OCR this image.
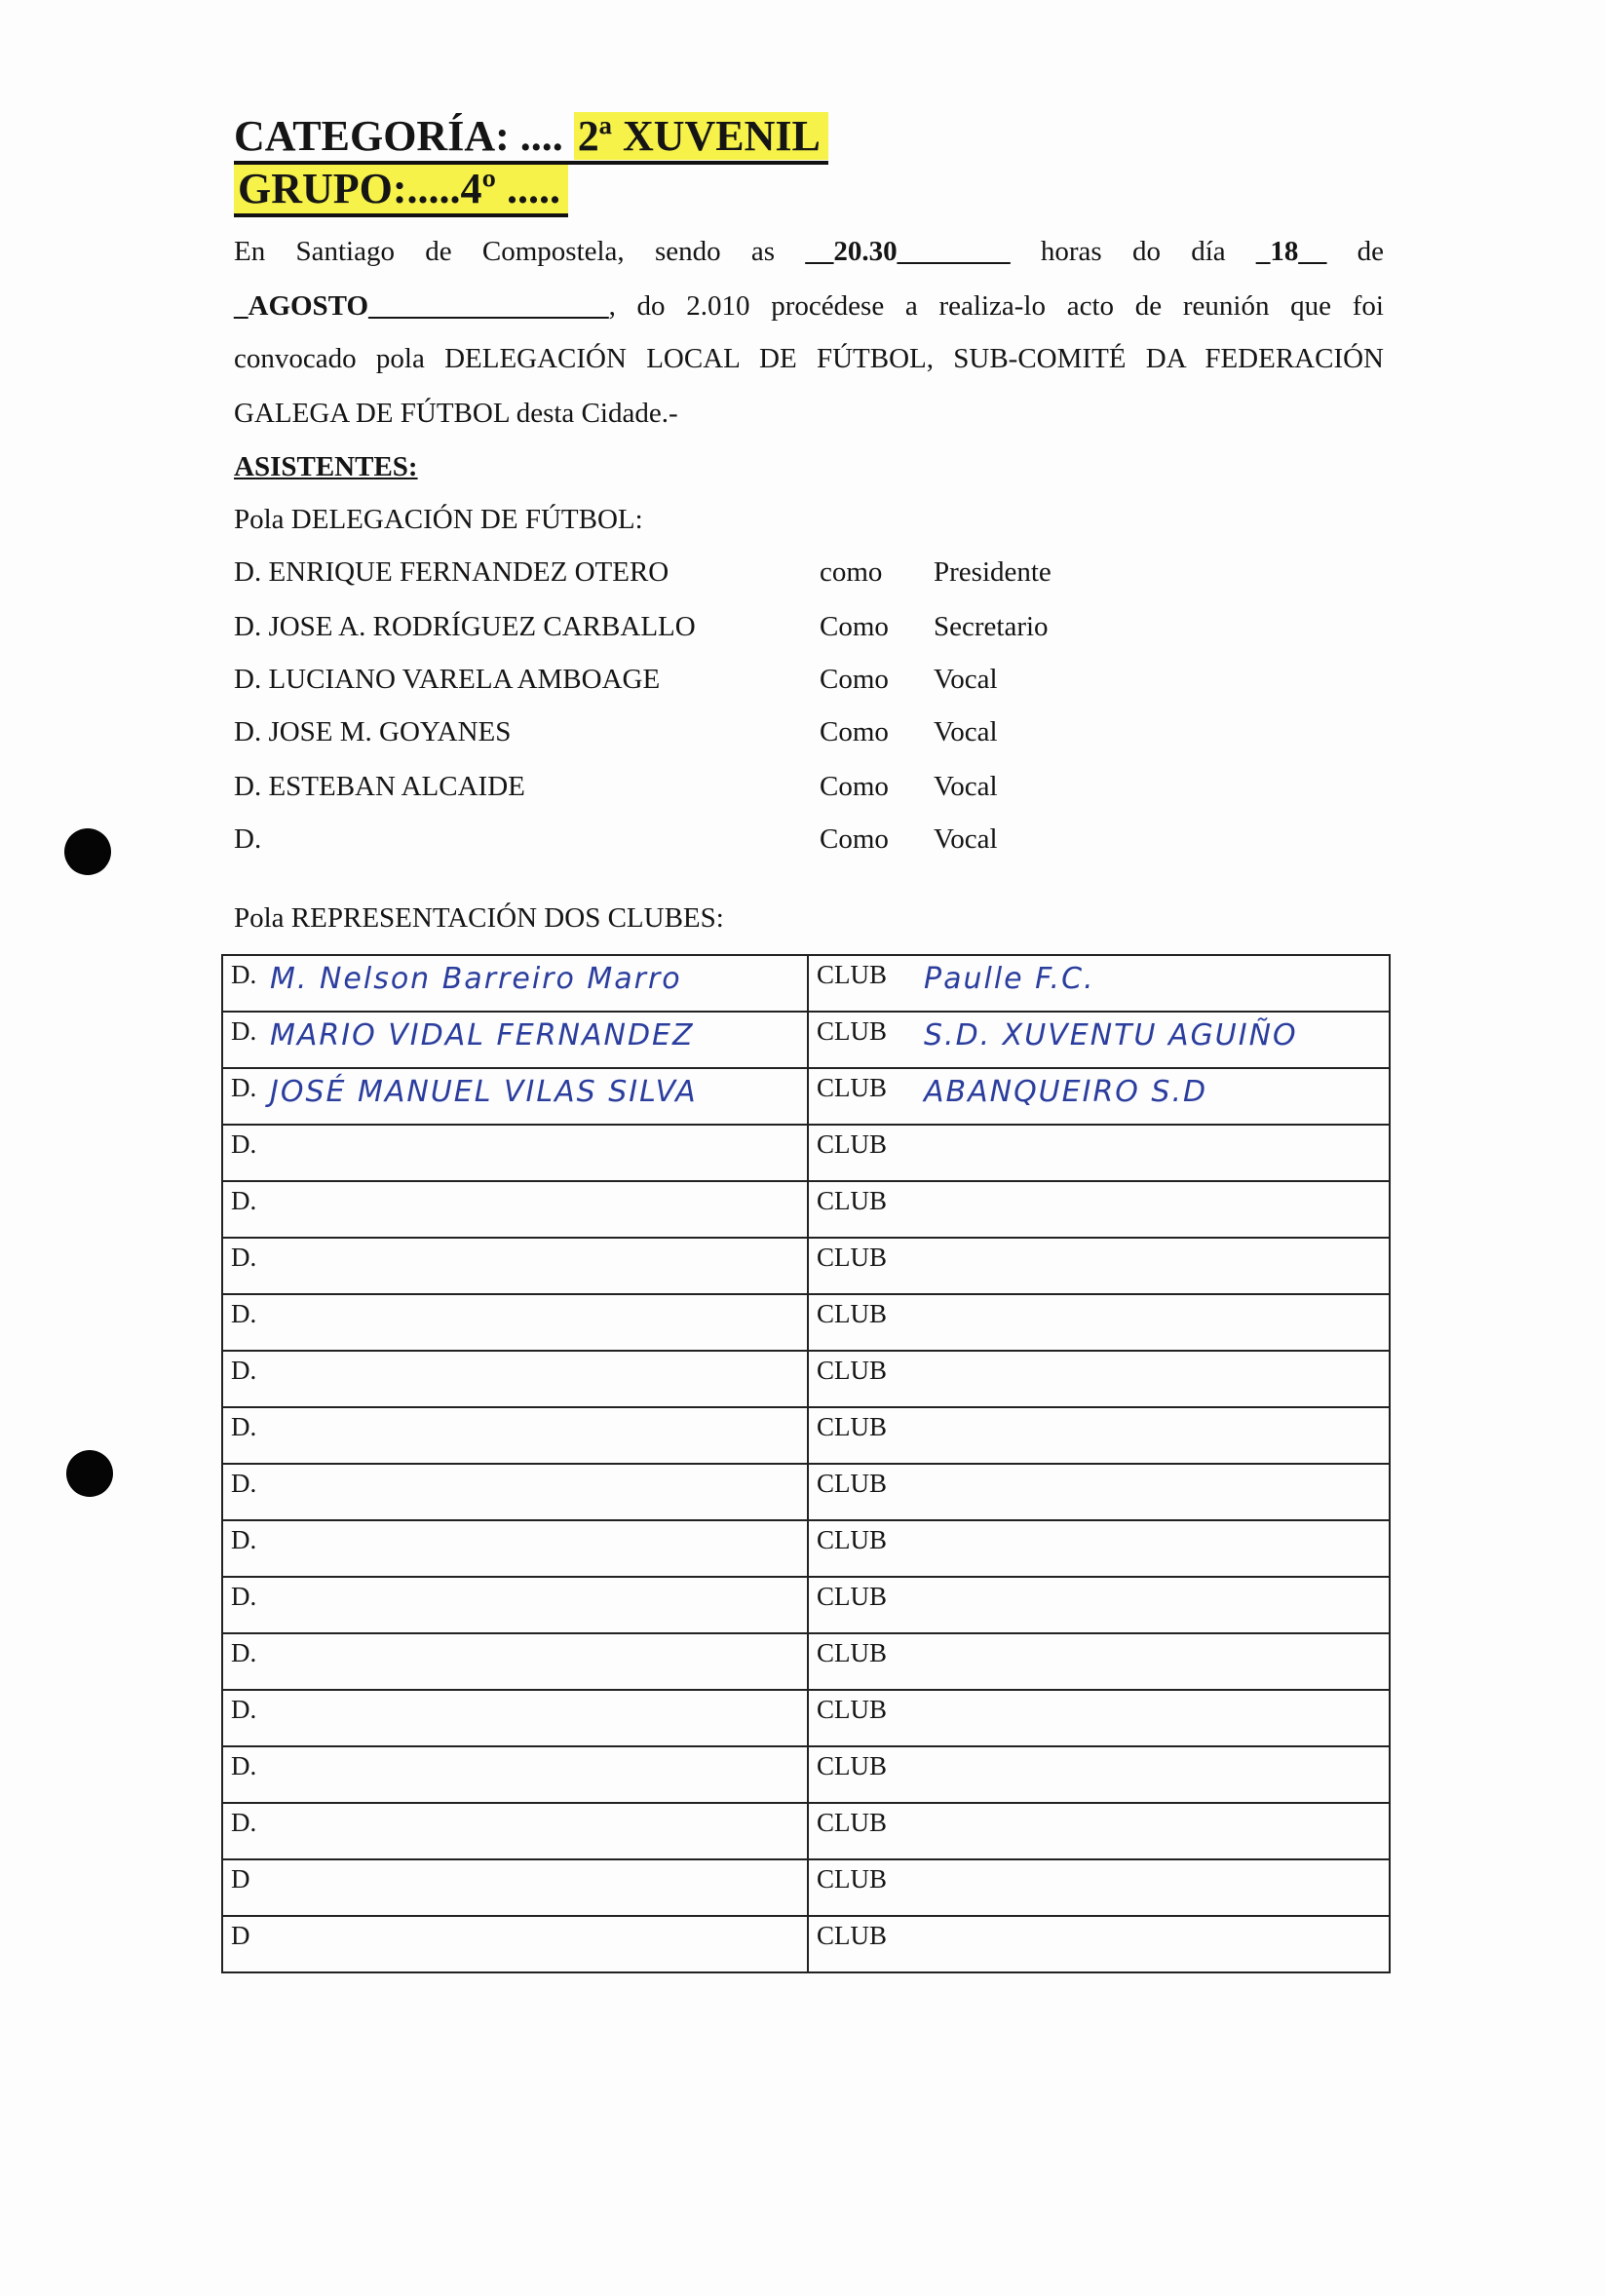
CATEGORÍA: .... 2ª XUVENIL
GRUPO:.....4º .....
En Santiago de Compostela, sendo as __20.30________ horas do día _18__ de
_AGOSTO _________________ , do 2.010 procédese a realiza-lo acto de reunión que foi
convocado pola DELEGACIÓN LOCAL DE FÚTBOL, SUB-COMITÉ DA FEDERACIÓN
GALEGA DE FÚTBOL desta Cidade.-
ASISTENTES:
Pola DELEGACIÓN DE FÚTBOL:
D. ENRIQUE FERNANDEZ OTERO	como Presidente
D. JOSE A. RODRÍGUEZ CARBALLO	Como Secretario
D. LUCIANO VARELA AMBOAGE	Como Vocal
D. JOSE M. GOYANES	Como Vocal
D. ESTEBAN ALCAIDE	Como Vocal
D.	Como Vocal
Pola REPRESENTACIÓN DOS CLUBES:
D. M. Nelson Barreiro Marro	CLUB Paulle F.C.

D. MARIO VIDAL FERNANDEZ	CLUB S.D. XUVENTU AGUIÑO

D. JOSÉ MANUEL VILAS SILVA	CLUB ABANQUEIRO S.D

D.	CLUB
D.	CLUB
D.	CLUB
D.	CLUB
D.	CLUB
D.	CLUB
D.	CLUB
D.	CLUB
D.	CLUB
D.	CLUB
D.	CLUB
D.	CLUB
D.	CLUB
D	CLUB
D	CLUB
